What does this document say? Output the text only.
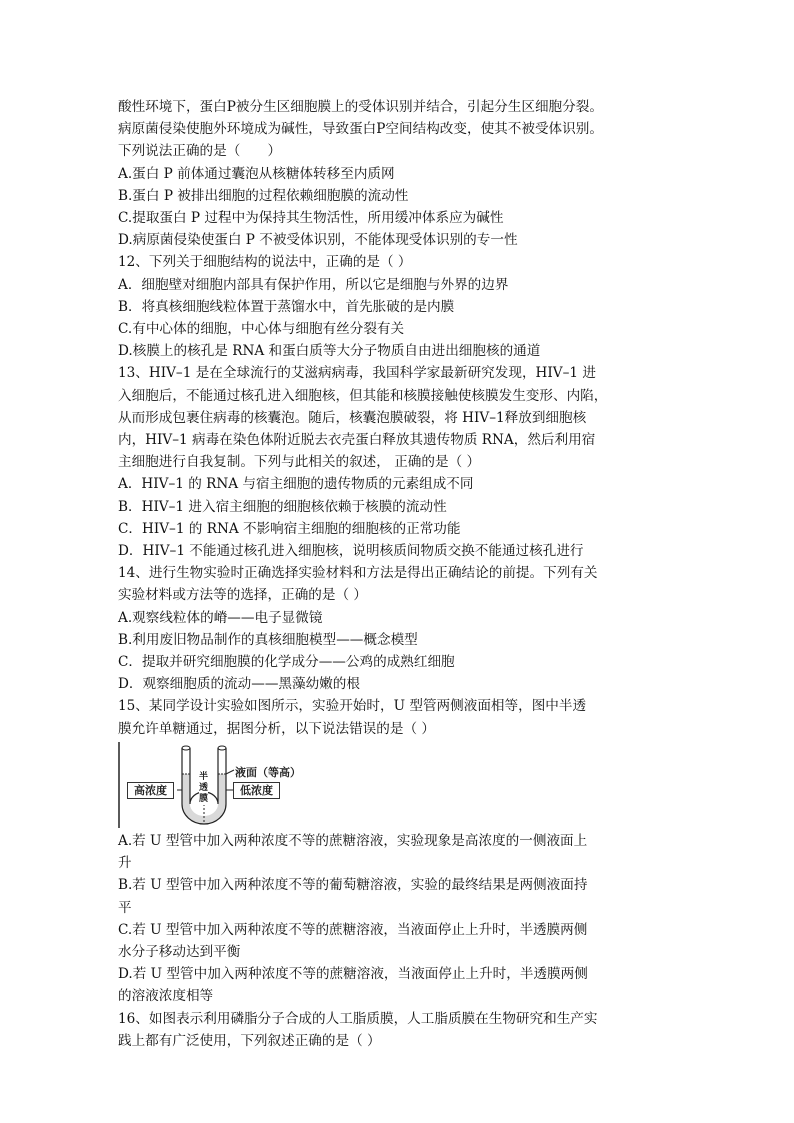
酸性环境下，蛋白P被分生区细胞膜上的受体识别并结合，引起分生区细胞分裂。
病原菌侵染使胞外环境成为碱性，导致蛋白P空间结构改变，使其不被受体识别。
下列说法正确的是（　　）
A.蛋白 P 前体通过囊泡从核糖体转移至内质网
B.蛋白 P 被排出细胞的过程依赖细胞膜的流动性
C.提取蛋白 P 过程中为保持其生物活性，所用缓冲体系应为碱性
D.病原菌侵染使蛋白 P 不被受体识别，不能体现受体识别的专一性
12、下列关于细胞结构的说法中，正确的是（ ）
A．细胞壁对细胞内部具有保护作用，所以它是细胞与外界的边界
B．将真核细胞线粒体置于蒸馏水中，首先胀破的是内膜
C.有中心体的细胞，中心体与细胞有丝分裂有关
D.核膜上的核孔是 RNA 和蛋白质等大分子物质自由进出细胞核的通道
13、HIV–1 是在全球流行的艾滋病病毒，我国科学家最新研究发现，HIV–1 进
入细胞后，不能通过核孔进入细胞核，但其能和核膜接触使核膜发生变形、内陷，
从而形成包裹住病毒的核囊泡。随后，核囊泡膜破裂，将 HIV–1释放到细胞核
内，HIV–1 病毒在染色体附近脱去衣壳蛋白释放其遗传物质 RNA，然后利用宿
主细胞进行自我复制。下列与此相关的叙述， 正确的是（ ）
A．HIV–1 的 RNA 与宿主细胞的遗传物质的元素组成不同
B．HIV–1 进入宿主细胞的细胞核依赖于核膜的流动性
C．HIV–1 的 RNA 不影响宿主细胞的细胞核的正常功能
D．HIV–1 不能通过核孔进入细胞核，说明核质间物质交换不能通过核孔进行
14、进行生物实验时正确选择实验材料和方法是得出正确结论的前提。下列有关
实验材料或方法等的选择，正确的是（ ）
A.观察线粒体的嵴——电子显微镜
B.利用废旧物品制作的真核细胞模型——概念模型
C．提取并研究细胞膜的化学成分——公鸡的成熟红细胞
D．观察细胞质的流动——黑藻幼嫩的根
15、某同学设计实验如图所示，实验开始时，U 型管两侧液面相等，图中半透
膜允许单糖通过，据图分析，以下说法错误的是（ ）
高浓度	低浓度
液面（等高）
半
透
膜
A.若 U 型管中加入两种浓度不等的蔗糖溶液，实验现象是高浓度的一侧液面上
升
B.若 U 型管中加入两种浓度不等的葡萄糖溶液，实验的最终结果是两侧液面持
平
C.若 U 型管中加入两种浓度不等的蔗糖溶液，当液面停止上升时，半透膜两侧
水分子移动达到平衡
D.若 U 型管中加入两种浓度不等的蔗糖溶液，当液面停止上升时，半透膜两侧
的溶液浓度相等
16、如图表示利用磷脂分子合成的人工脂质膜，人工脂质膜在生物研究和生产实
践上都有广泛使用，下列叙述正确的是（ ）
